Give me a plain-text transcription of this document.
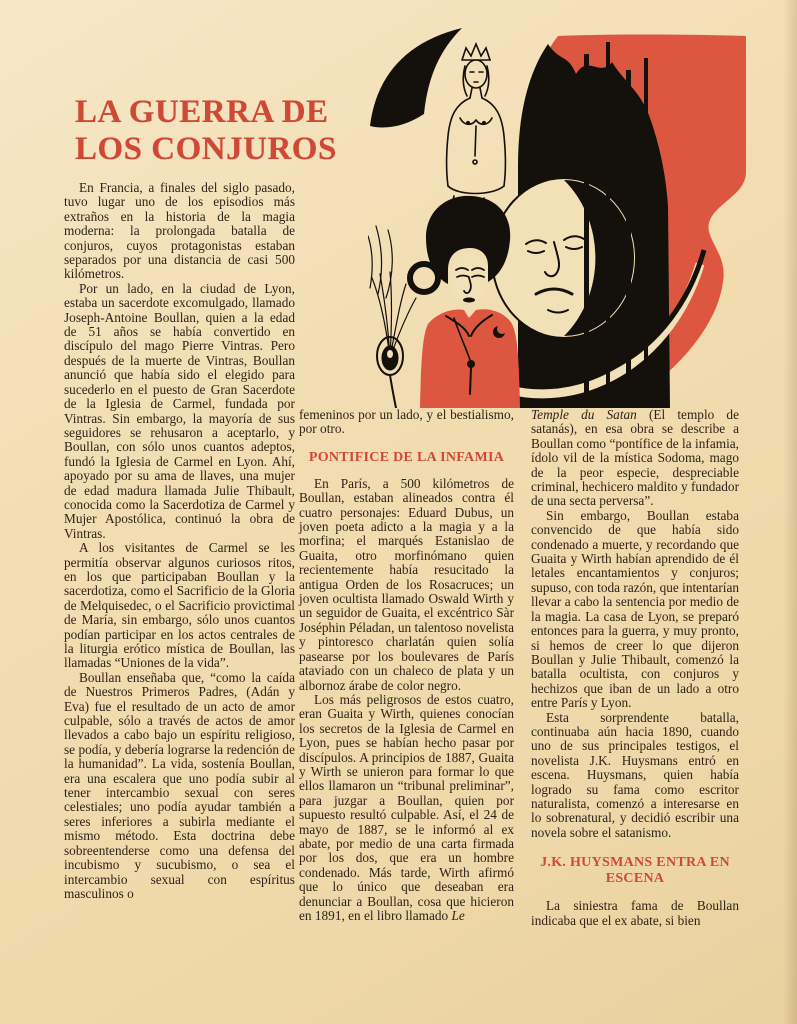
LA GUERRA DE
LOS CONJUROS

En Francia, a finales del siglo pasado, tuvo lugar uno de los episodios más extraños en la historia de la magia moderna: la prolongada batalla de conjuros, cuyos protagonistas estaban separados por una distancia de casi 500 kilómetros.

Por un lado, en la ciudad de Lyon, estaba un sacerdote excomulgado, llamado Joseph-Antoine Boullan, quien a la edad de 51 años se había convertido en discípulo del mago Pierre Vintras. Pero después de la muerte de Vintras, Boullan anunció que había sido el elegido para sucederlo en el puesto de Gran Sacerdote de la Iglesia de Carmel, fundada por Vintras. Sin embargo, la mayoría de sus seguidores se rehusaron a aceptarlo, y Boullan, con sólo unos cuantos adeptos, fundó la Iglesia de Carmel en Lyon. Ahí, apoyado por su ama de llaves, una mujer de edad madura llamada Julie Thibault, conocida como la Sacerdotiza de Carmel y Mujer Apostólica, continuó la obra de Vintras.

A los visitantes de Carmel se les permitía observar algunos curiosos ritos, en los que participaban Boullan y la sacerdotiza, como el Sacrificio de la Gloria de Melquisedec, o el Sacrificio provictimal de María, sin embargo, sólo unos cuantos podían participar en los actos centrales de la liturgia erótico mística de Boullan, las llamadas “Uniones de la vida”.

Boullan enseñaba que, “como la caída de Nuestros Primeros Padres, (Adán y Eva) fue el resultado de un acto de amor culpable, sólo a través de actos de amor llevados a cabo bajo un espíritu religioso, se podía, y debería lograrse la redención de la humanidad”. La vida, sostenía Boullan, era una escalera que uno podía subir al tener intercambio sexual con seres celestiales; uno podía ayudar también a seres inferiores a subirla mediante el mismo método. Esta doctrina debe sobreentenderse como una defensa del incubismo y sucubismo, o sea el intercambio sexual con espíritus masculinos o

femeninos por un lado, y el bestialismo, por otro.

PONTIFICE DE LA INFAMIA

En París, a 500 kilómetros de Boullan, estaban alineados contra él cuatro personajes: Eduard Dubus, un joven poeta adicto a la magia y a la morfina; el marqués Estanislao de Guaita, otro morfinómano quien recientemente había resucitado la antigua Orden de los Rosacruces; un joven ocultista llamado Oswald Wirth y un seguidor de Guaita, el excéntrico Sàr Joséphin Péladan, un talentoso novelista y pintoresco charlatán quien solía pasearse por los boulevares de París ataviado con un chaleco de plata y un albornoz árabe de color negro.

Los más peligrosos de estos cuatro, eran Guaita y Wirth, quienes conocían los secretos de la Iglesia de Carmel en Lyon, pues se habían hecho pasar por discípulos. A principios de 1887, Guaita y Wirth se unieron para formar lo que ellos llamaron un “tribunal preliminar”, para juzgar a Boullan, quien por supuesto resultó culpable. Así, el 24 de mayo de 1887, se le informó al ex abate, por medio de una carta firmada por los dos, que era un hombre condenado. Más tarde, Wirth afirmó que lo único que deseaban era denunciar a Boullan, cosa que hicieron en 1891, en el libro llamado Le

Temple du Satan (El templo de satanás), en esa obra se describe a Boullan como “pontífice de la infamia, ídolo vil de la mística Sodoma, mago de la peor especie, despreciable criminal, hechicero maldito y fundador de una secta perversa”.

Sin embargo, Boullan estaba convencido de que había sido condenado a muerte, y recordando que Guaita y Wirth habían aprendido de él letales encantamientos y conjuros; supuso, con toda razón, que intentarían llevar a cabo la sentencia por medio de la magia. La casa de Lyon, se preparó entonces para la guerra, y muy pronto, si hemos de creer lo que dijeron Boullan y Julie Thibault, comenzó la batalla ocultista, con conjuros y hechizos que iban de un lado a otro entre París y Lyon.

Esta sorprendente batalla, continuaba aún hacia 1890, cuando uno de sus principales testigos, el novelista J.K. Huysmans entró en escena. Huysmans, quien había logrado su fama como escritor naturalista, comenzó a interesarse en lo sobrenatural, y decidió escribir una novela sobre el satanismo.

J.K. HUYSMANS ENTRA EN ESCENA

La siniestra fama de Boullan indicaba que el ex abate, si bien
